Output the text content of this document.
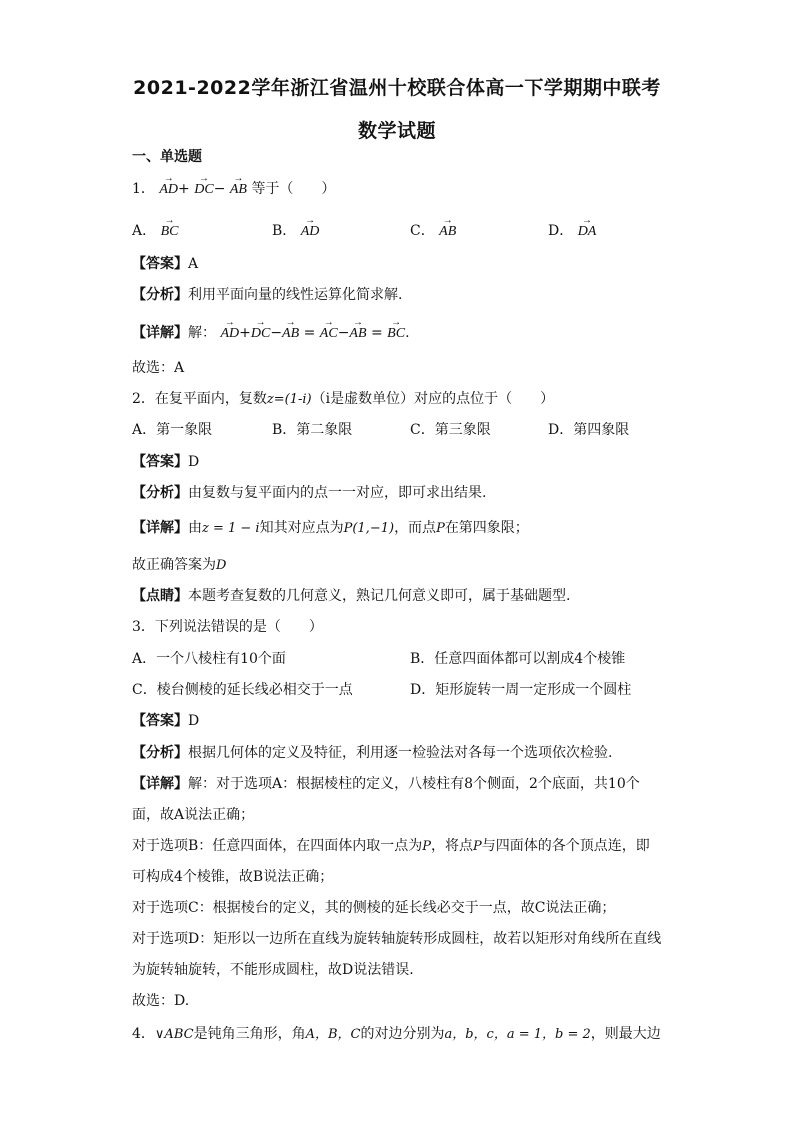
2021-2022学年浙江省温州十校联合体高一下学期期中联考
数学试题
一、单选题
1． → AD+ → DC− → AB 等于（　　）
A． → BC	B． → AD	C． → AB	D． → DA
【答案】A
【分析】利用平面向量的线性运算化简求解.
【详解】解： → AD+→ DC−→ AB = → AC−→ AB = → BC.
故选：A
2．在复平面内，复数z=(1-i)（i是虚数单位）对应的点位于（　　）
A．第一象限	B．第二象限	C．第三象限	D．第四象限
【答案】D
【分析】由复数与复平面内的点一一对应，即可求出结果.
【详解】由z = 1 − i知其对应点为P(1,−1)，而点P在第四象限；
故正确答案为D
【点睛】本题考查复数的几何意义，熟记几何意义即可，属于基础题型.
3．下列说法错误的是（　　）
A．一个八棱柱有10个面	B．任意四面体都可以割成4个棱锥
C．棱台侧棱的延长线必相交于一点	D．矩形旋转一周一定形成一个圆柱
【答案】D
【分析】根据几何体的定义及特征，利用逐一检验法对各每一个选项依次检验.
【详解】解：对于选项A：根据棱柱的定义，八棱柱有8个侧面，2个底面，共10个
面，故A说法正确；
对于选项B：任意四面体，在四面体内取一点为P，将点P与四面体的各个顶点连，即
可构成4个棱锥，故B说法正确；
对于选项C：根据棱台的定义，其的侧棱的延长线必交于一点，故C说法正确；
对于选项D：矩形以一边所在直线为旋转轴旋转形成圆柱，故若以矩形对角线所在直线
为旋转轴旋转，不能形成圆柱，故D说法错误.
故选：D.
4．∨ABC是钝角三角形，角A，B，C的对边分别为a，b，c，a = 1，b = 2，则最大边
